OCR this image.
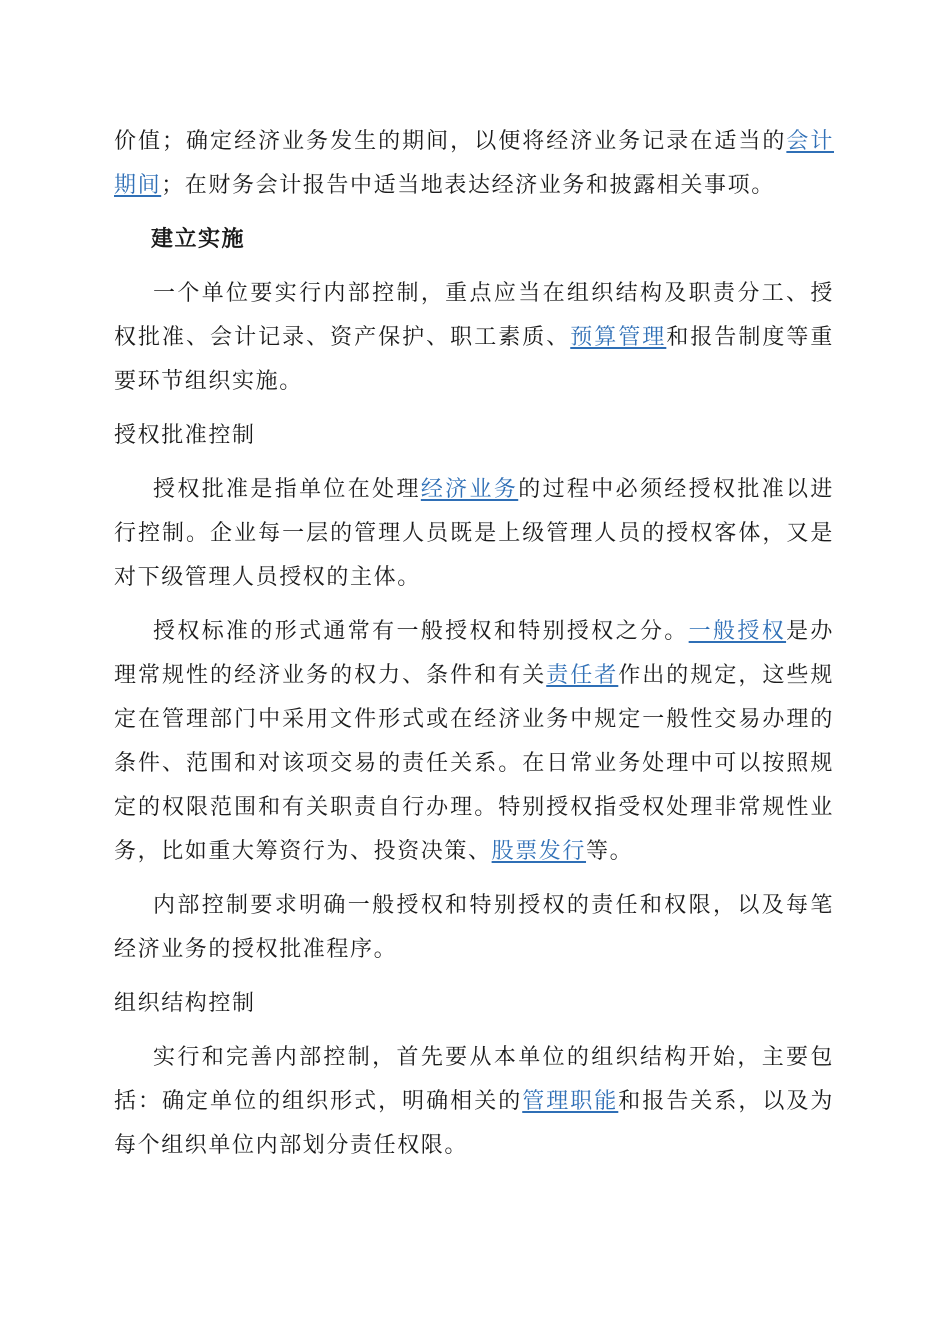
价值；确定经济业务发生的期间，以便将经济业务记录在适当的会计期间；在财务会计报告中适当地表达经济业务和披露相关事项。

建立实施

一个单位要实行内部控制，重点应当在组织结构及职责分工、授权批准、会计记录、资产保护、职工素质、预算管理和报告制度等重要环节组织实施。

授权批准控制

授权批准是指单位在处理经济业务的过程中必须经授权批准以进行控制。企业每一层的管理人员既是上级管理人员的授权客体，又是对下级管理人员授权的主体。

授权标准的形式通常有一般授权和特别授权之分。一般授权是办理常规性的经济业务的权力、条件和有关责任者作出的规定，这些规定在管理部门中采用文件形式或在经济业务中规定一般性交易办理的条件、范围和对该项交易的责任关系。在日常业务处理中可以按照规定的权限范围和有关职责自行办理。特别授权指受权处理非常规性业务，比如重大筹资行为、投资决策、股票发行等。

内部控制要求明确一般授权和特别授权的责任和权限，以及每笔经济业务的授权批准程序。

组织结构控制

实行和完善内部控制，首先要从本单位的组织结构开始，主要包括：确定单位的组织形式，明确相关的管理职能和报告关系，以及为每个组织单位内部划分责任权限。
